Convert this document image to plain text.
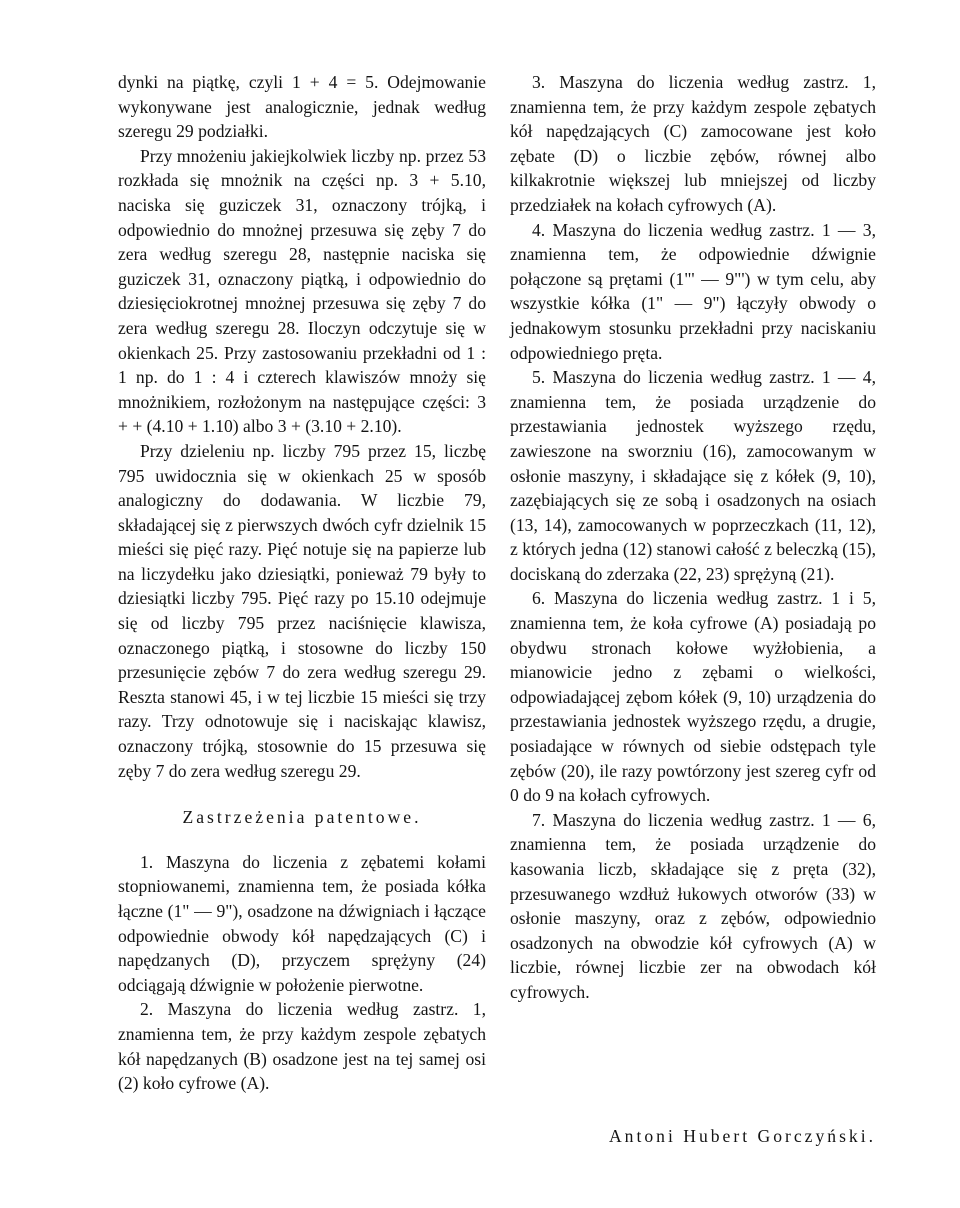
dynki na piątkę, czyli 1 + 4 = 5. Odejmowanie wykonywane jest analogicznie, jednak według szeregu 29 podziałki.

Przy mnożeniu jakiejkolwiek liczby np. przez 53 rozkłada się mnożnik na części np. 3 + 5.10, naciska się guziczek 31, oznaczony trójką, i odpowiednio do mnożnej przesuwa się zęby 7 do zera według szeregu 28, następnie naciska się guziczek 31, oznaczony piątką, i odpowiednio do dziesięciokrotnej mnożnej przesuwa się zęby 7 do zera według szeregu 28. Iloczyn odczytuje się w okienkach 25. Przy zastosowaniu przekładni od 1 : 1 np. do 1 : 4 i czterech klawiszów mnoży się mnożnikiem, rozłożonym na następujące części: 3 + + (4.10 + 1.10) albo 3 + (3.10 + 2.10).

Przy dzieleniu np. liczby 795 przez 15, liczbę 795 uwidocznia się w okienkach 25 w sposób analogiczny do dodawania. W liczbie 79, składającej się z pierwszych dwóch cyfr dzielnik 15 mieści się pięć razy. Pięć notuje się na papierze lub na liczydełku jako dziesiątki, ponieważ 79 były to dziesiątki liczby 795. Pięć razy po 15.10 odejmuje się od liczby 795 przez naciśnięcie klawisza, oznaczonego piątką, i stosowne do liczby 150 przesunięcie zębów 7 do zera według szeregu 29. Reszta stanowi 45, i w tej liczbie 15 mieści się trzy razy. Trzy odnotowuje się i naciskając klawisz, oznaczony trójką, stosownie do 15 przesuwa się zęby 7 do zera według szeregu 29.

Zastrzeżenia patentowe.

1. Maszyna do liczenia z zębatemi kołami stopniowanemi, znamienna tem, że posiada kółka łączne (1" — 9"), osadzone na dźwigniach i łączące odpowiednie obwody kół napędzających (C) i napędzanych (D), przyczem sprężyny (24) odciągają dźwignie w położenie pierwotne.

2. Maszyna do liczenia według zastrz. 1, znamienna tem, że przy każdym zespole zębatych kół napędzanych (B) osadzone jest na tej samej osi (2) koło cyfrowe (A).

3. Maszyna do liczenia według zastrz. 1, znamienna tem, że przy każdym zespole zębatych kół napędzających (C) zamocowane jest koło zębate (D) o liczbie zębów, równej albo kilkakrotnie większej lub mniejszej od liczby przedziałek na kołach cyfrowych (A).

4. Maszyna do liczenia według zastrz. 1 — 3, znamienna tem, że odpowiednie dźwignie połączone są prętami (1"' — 9"') w tym celu, aby wszystkie kółka (1" — 9") łączyły obwody o jednakowym stosunku przekładni przy naciskaniu odpowiedniego pręta.

5. Maszyna do liczenia według zastrz. 1 — 4, znamienna tem, że posiada urządzenie do przestawiania jednostek wyższego rzędu, zawieszone na sworzniu (16), zamocowanym w osłonie maszyny, i składające się z kółek (9, 10), zazębiających się ze sobą i osadzonych na osiach (13, 14), zamocowanych w poprzeczkach (11, 12), z których jedna (12) stanowi całość z beleczką (15), dociskaną do zderzaka (22, 23) sprężyną (21).

6. Maszyna do liczenia według zastrz. 1 i 5, znamienna tem, że koła cyfrowe (A) posiadają po obydwu stronach kołowe wyżłobienia, a mianowicie jedno z zębami o wielkości, odpowiadającej zębom kółek (9, 10) urządzenia do przestawiania jednostek wyższego rzędu, a drugie, posiadające w równych od siebie odstępach tyle zębów (20), ile razy powtórzony jest szereg cyfr od 0 do 9 na kołach cyfrowych.

7. Maszyna do liczenia według zastrz. 1 — 6, znamienna tem, że posiada urządzenie do kasowania liczb, składające się z pręta (32), przesuwanego wzdłuż łukowych otworów (33) w osłonie maszyny, oraz z zębów, odpowiednio osadzonych na obwodzie kół cyfrowych (A) w liczbie, równej liczbie zer na obwodach kół cyfrowych.

Antoni Hubert Gorczyński.
